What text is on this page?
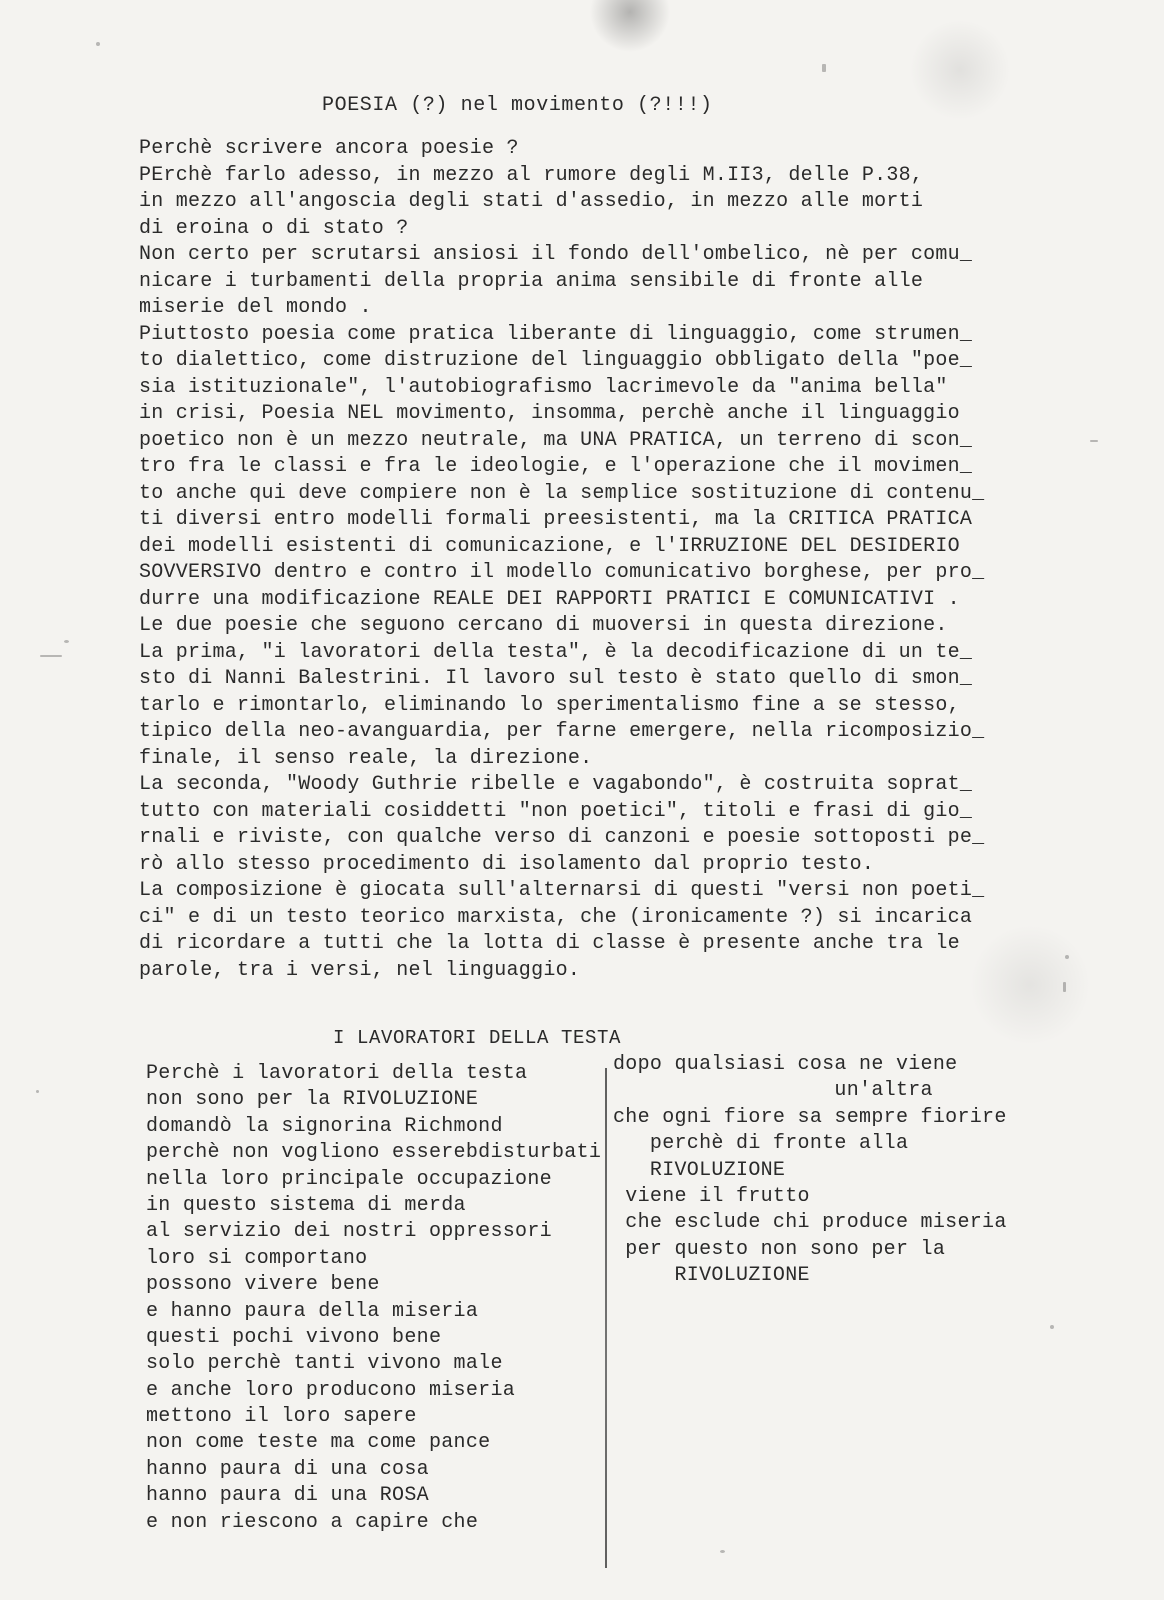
POESIA (?) nel movimento (?!!!)
Perchè scrivere ancora poesie ?
PErchè farlo adesso, in mezzo al rumore degli M.II3, delle P.38,
in mezzo all'angoscia degli stati d'assedio, in mezzo alle morti
di eroina o di stato ?
Non certo per scrutarsi ansiosi il fondo dell'ombelico, nè per comu_
nicare i turbamenti della propria anima sensibile di fronte alle
miserie del mondo .
Piuttosto poesia come pratica liberante di linguaggio, come strumen_
to dialettico, come distruzione del linguaggio obbligato della "poe_
sia istituzionale", l'autobiografismo lacrimevole da "anima bella"
in crisi, Poesia NEL movimento, insomma, perchè anche il linguaggio
poetico non è un mezzo neutrale, ma UNA PRATICA, un terreno di scon_
tro fra le classi e fra le ideologie, e l'operazione che il movimen_
to anche qui deve compiere non è la semplice sostituzione di contenu_
ti diversi entro modelli formali preesistenti, ma la CRITICA PRATICA
dei modelli esistenti di comunicazione, e l'IRRUZIONE DEL DESIDERIO
SOVVERSIVO dentro e contro il modello comunicativo borghese, per pro_
durre una modificazione REALE DEI RAPPORTI PRATICI E COMUNICATIVI .
Le due poesie che seguono cercano di muoversi in questa direzione.
La prima, "i lavoratori della testa", è la decodificazione di un te_
sto di Nanni Balestrini. Il lavoro sul testo è stato quello di smon_
tarlo e rimontarlo, eliminando lo sperimentalismo fine a se stesso,
tipico della neo-avanguardia, per farne emergere, nella ricomposizio_
finale, il senso reale, la direzione.
La seconda, "Woody Guthrie ribelle e vagabondo", è costruita soprat_
tutto con materiali cosiddetti "non poetici", titoli e frasi di gio_
rnali e riviste, con qualche verso di canzoni e poesie sottoposti pe_
rò allo stesso procedimento di isolamento dal proprio testo.
La composizione è giocata sull'alternarsi di questi "versi non poeti_
ci" e di un testo teorico marxista, che (ironicamente ?) si incarica
di ricordare a tutti che la lotta di classe è presente anche tra le
parole, tra i versi, nel linguaggio.
I LAVORATORI DELLA TESTA
Perchè i lavoratori della testa
non sono per la RIVOLUZIONE
domandò la signorina Richmond
perchè non vogliono esserebdisturbati
nella loro principale occupazione
in questo sistema di merda
al servizio dei nostri oppressori
loro si comportano
possono vivere bene
e hanno paura della miseria
questi pochi vivono bene
solo perchè tanti vivono male
e anche loro producono miseria
mettono il loro sapere
non come teste ma come pance
hanno paura di una cosa
hanno paura di una ROSA
e non riescono a capire che
dopo qualsiasi cosa ne viene
un'altra
che ogni fiore sa sempre fiorire
perchè di fronte alla
RIVOLUZIONE
viene il frutto
che esclude chi produce miseria
per questo non sono per la
RIVOLUZIONE
